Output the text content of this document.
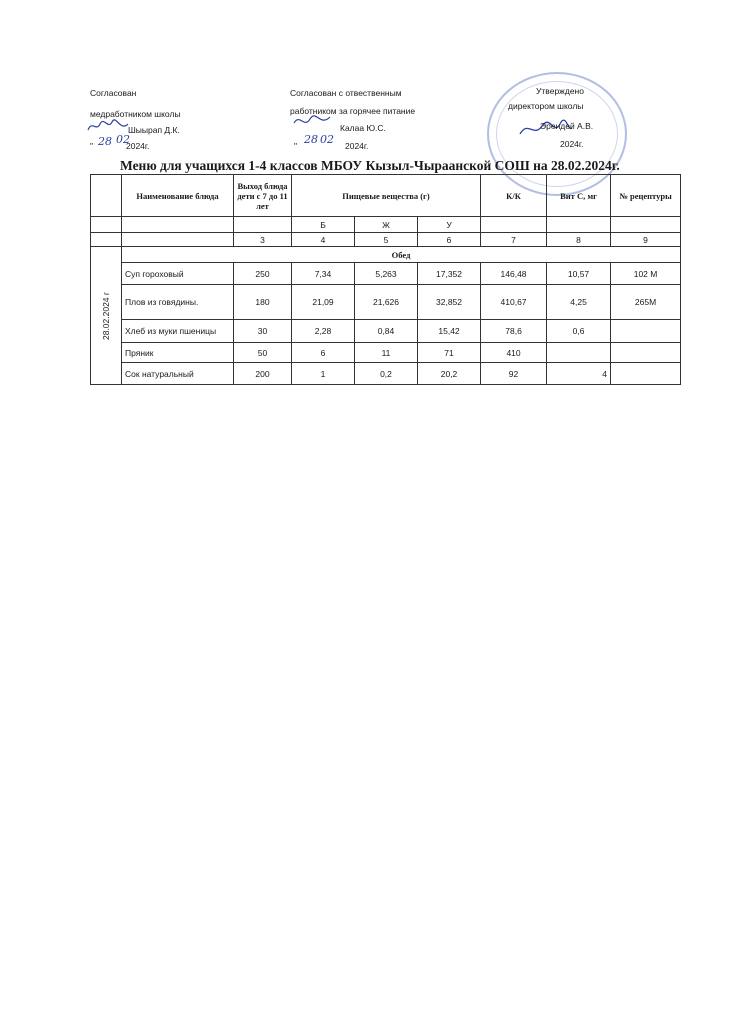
Согласован
медработником школы
Шыырап Д.К.
" 28 02
2024г.
Согласован с отвественным
работником за горячее питание
Калаа Ю.С.
" 28 02 2024г.
Утверждено
директором школы
Эрендей А.В.
2024г.
Меню для учащихся 1-4 классов МБОУ Кызыл-Чыраанской СОШ на 28.02.2024г.
	Наименование блюда	Выход блюда дети с 7 до 11 лет	Пищевые вещества (г)			К/К	Вит С, мг	№ рецептуры
			Б	Ж	У			
		3	4	5	6	7	8	9

28.02.2024 г	Обед							
	Суп гороховый	250	7,34	5,263	17,352	146,48	10,57	102 М
	Плов из говядины.	180	21,09	21,626	32,852	410,67	4,25	265М
	Хлеб из муки пшеницы	30	2,28	0,84	15,42	78,6	0,6	
	Пряник	50	6	11	71	410		
	Сок натуральный	200	1	0,2	20,2	92	4	
